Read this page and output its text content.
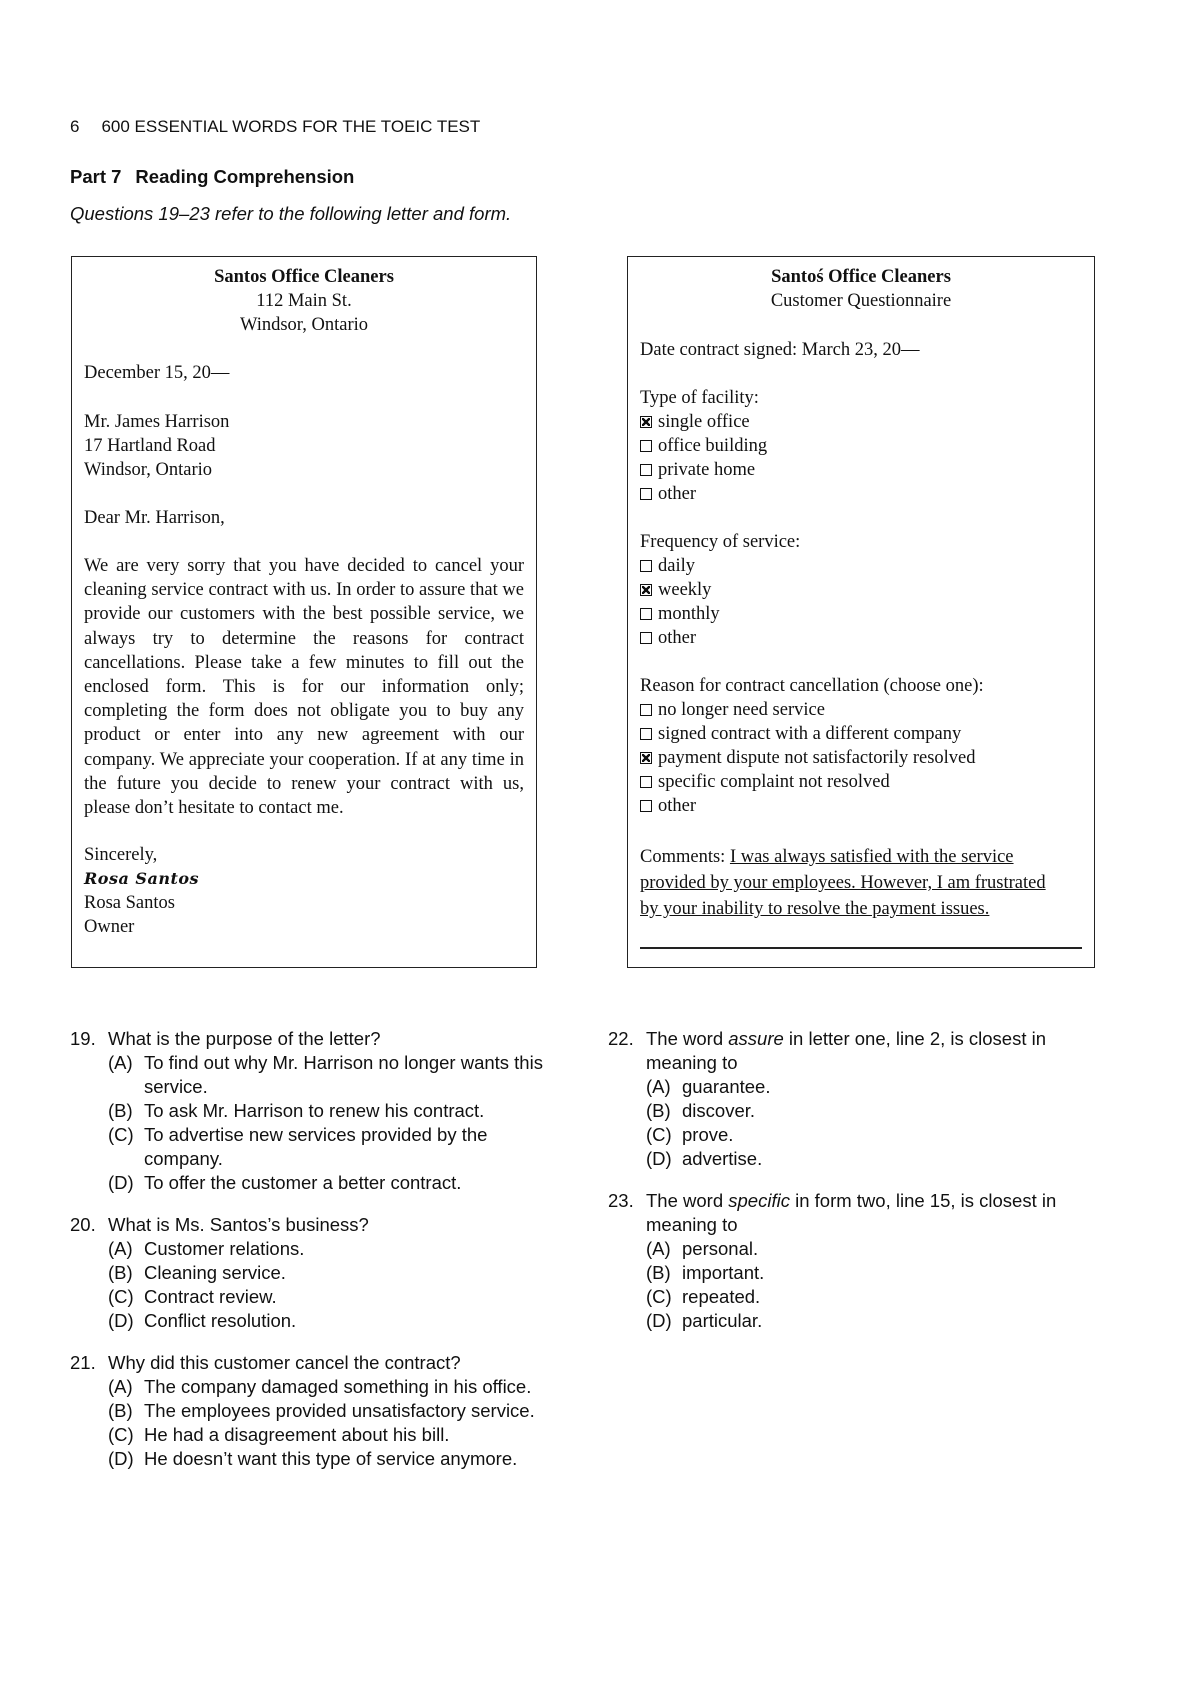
6 600 ESSENTIAL WORDS FOR THE TOEIC TEST
Part 7 Reading Comprehension
Questions 19–23 refer to the following letter and form.
Santos Office Cleaners
112 Main St.
Windsor, Ontario
December 15, 20—
Mr. James Harrison
17 Hartland Road
Windsor, Ontario
Dear Mr. Harrison,
We are very sorry that you have decided to cancel your cleaning service contract with us. In order to assure that we provide our customers with the best possible service, we always try to determine the reasons for contract cancellations. Please take a few minutes to fill out the enclosed form. This is for our information only; completing the form does not obligate you to buy any product or enter into any new agreement with our company. We appreciate your cooperation. If at any time in the future you decide to renew your contract with us, please don’t hesitate to contact me.
Sincerely,
Rosa Santos
Rosa Santos
Owner
Santoś Office Cleaners
Customer Questionnaire
Date contract signed: March 23, 20—
Type of facility:
single office
office building
private home
other
Frequency of service:
daily
weekly
monthly
other
Reason for contract cancellation (choose one):
no longer need service
signed contract with a different company
payment dispute not satisfactorily resolved
specific complaint not resolved
other
Comments: I was always satisfied with the service
provided by your employees. However, I am frustrated
by your inability to resolve the payment issues.
19. What is the purpose of the letter?
(A) To find out why Mr. Harrison no longer wants this service.
(B) To ask Mr. Harrison to renew his contract.
(C) To advertise new services provided by the company.
(D) To offer the customer a better contract.
20. What is Ms. Santos’s business?
(A) Customer relations.
(B) Cleaning service.
(C) Contract review.
(D) Conflict resolution.
21. Why did this customer cancel the contract?
(A) The company damaged something in his office.
(B) The employees provided unsatisfactory service.
(C) He had a disagreement about his bill.
(D) He doesn’t want this type of service anymore.
22. The word assure in letter one, line 2, is closest in meaning to
(A) guarantee.
(B) discover.
(C) prove.
(D) advertise.
23. The word specific in form two, line 15, is closest in meaning to
(A) personal.
(B) important.
(C) repeated.
(D) particular.
